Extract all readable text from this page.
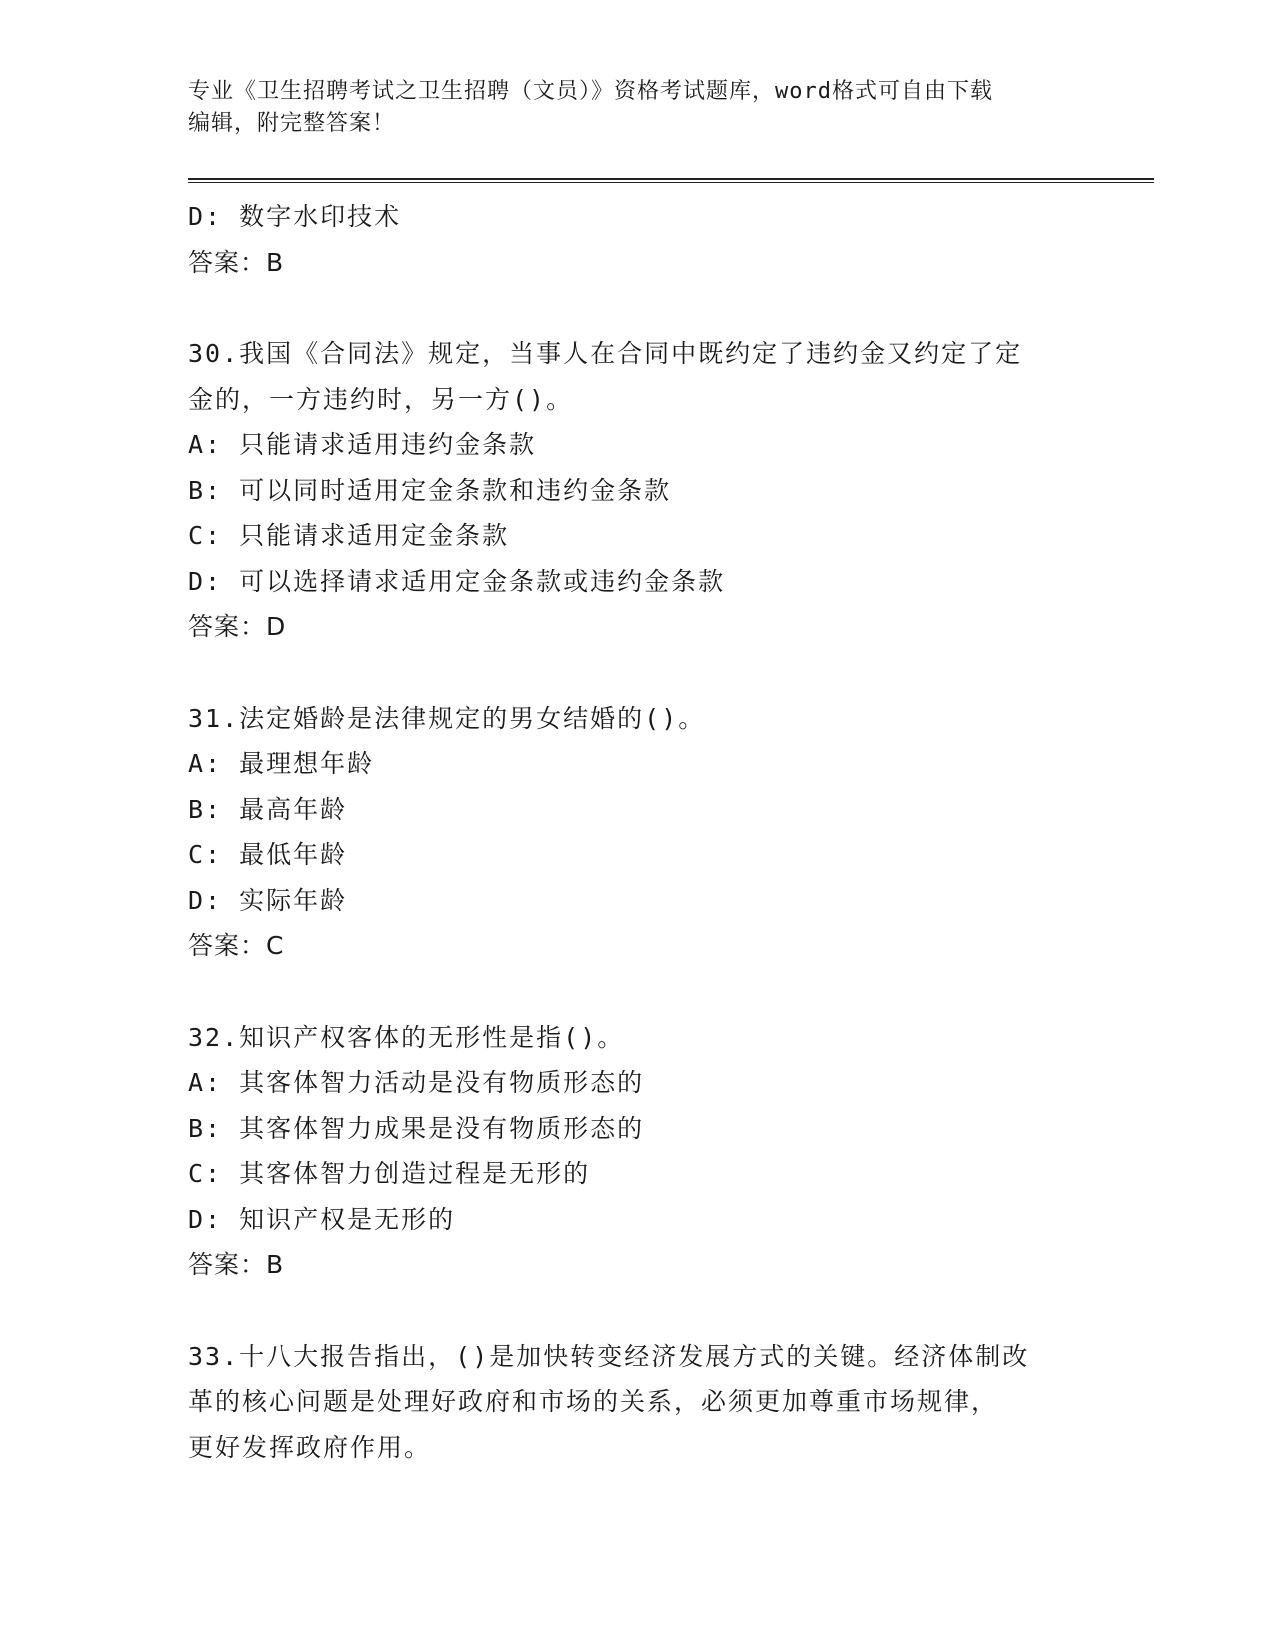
专业《卫生招聘考试之卫生招聘（文员）》资格考试题库，word格式可自由下载
编辑，附完整答案！
D: 数字水印技术
答案：B
30.我国《合同法》规定，当事人在合同中既约定了违约金又约定了定
金的，一方违约时，另一方()。
A: 只能请求适用违约金条款
B: 可以同时适用定金条款和违约金条款
C: 只能请求适用定金条款
D: 可以选择请求适用定金条款或违约金条款
答案：D
31.法定婚龄是法律规定的男女结婚的()。
A: 最理想年龄
B: 最高年龄
C: 最低年龄
D: 实际年龄
答案：C
32.知识产权客体的无形性是指()。
A: 其客体智力活动是没有物质形态的
B: 其客体智力成果是没有物质形态的
C: 其客体智力创造过程是无形的
D: 知识产权是无形的
答案：B
33.十八大报告指出，()是加快转变经济发展方式的关键。经济体制改
革的核心问题是处理好政府和市场的关系，必须更加尊重市场规律，
更好发挥政府作用。
